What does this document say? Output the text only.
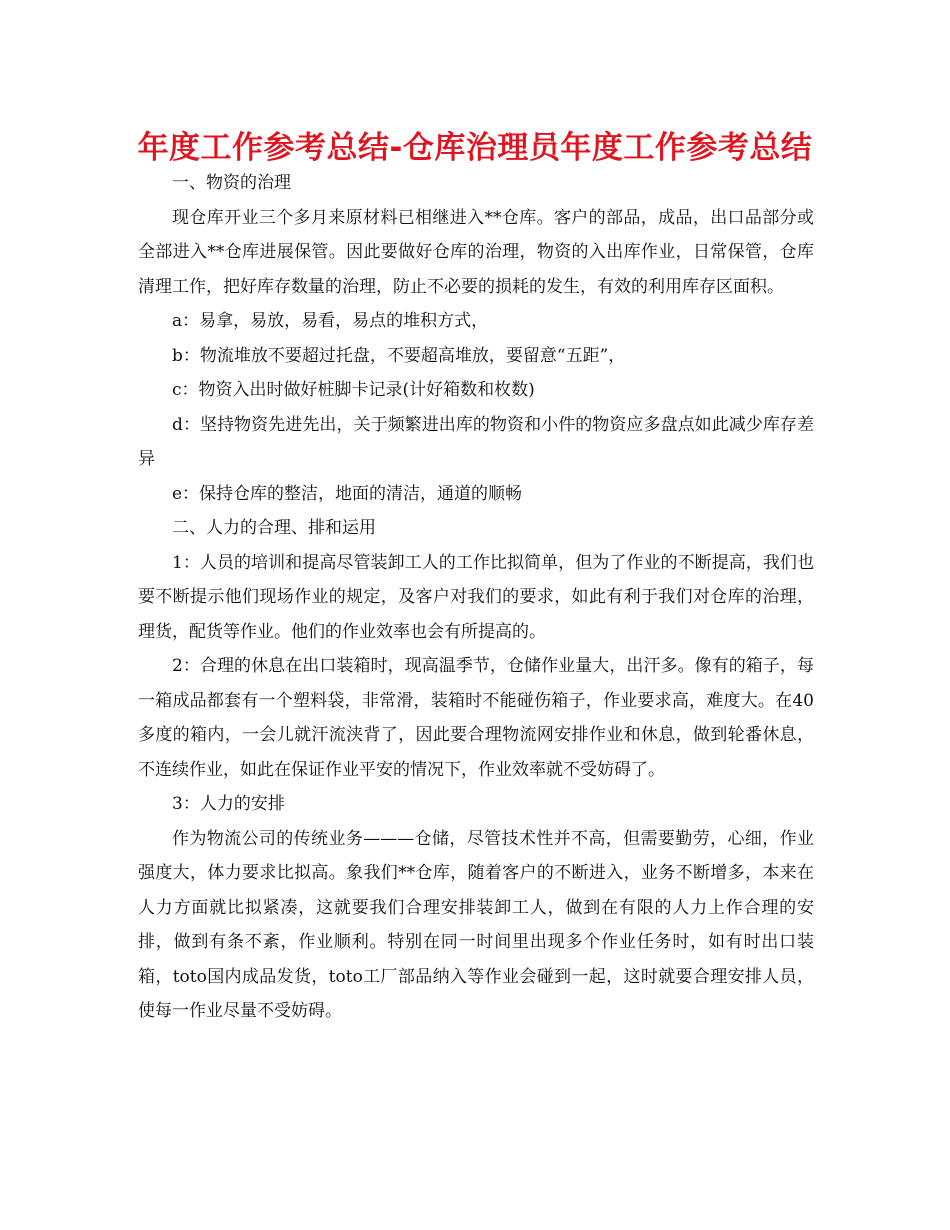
年度工作参考总结-仓库治理员年度工作参考总结

一、物资的治理

现仓库开业三个多月来原材料已相继进入**仓库。客户的部品，成品，出口品部分或全部进入**仓库进展保管。因此要做好仓库的治理，物资的入出库作业，日常保管，仓库清理工作，把好库存数量的治理，防止不必要的损耗的发生，有效的利用库存区面积。

a：易拿，易放，易看，易点的堆积方式，

b：物流堆放不要超过托盘，不要超高堆放，要留意“五距”，

c：物资入出时做好桩脚卡记录(计好箱数和枚数)

d：坚持物资先进先出，关于频繁进出库的物资和小件的物资应多盘点如此减少库存差异

e：保持仓库的整洁，地面的清洁，通道的顺畅

二、人力的合理、排和运用

1：人员的培训和提高尽管装卸工人的工作比拟简单，但为了作业的不断提高，我们也要不断提示他们现场作业的规定，及客户对我们的要求，如此有利于我们对仓库的治理，理货，配货等作业。他们的作业效率也会有所提高的。

2：合理的休息在出口装箱时，现高温季节，仓储作业量大，出汗多。像有的箱子，每一箱成品都套有一个塑料袋，非常滑，装箱时不能碰伤箱子，作业要求高，难度大。在40多度的箱内，一会儿就汗流浃背了，因此要合理物流网安排作业和休息，做到轮番休息，不连续作业，如此在保证作业平安的情况下，作业效率就不受妨碍了。

3：人力的安排

作为物流公司的传统业务———仓储，尽管技术性并不高，但需要勤劳，心细，作业强度大，体力要求比拟高。象我们**仓库，随着客户的不断进入，业务不断增多，本来在人力方面就比拟紧凑，这就要我们合理安排装卸工人，做到在有限的人力上作合理的安排，做到有条不紊，作业顺利。特别在同一时间里出现多个作业任务时，如有时出口装箱，toto国内成品发货，toto工厂部品纳入等作业会碰到一起，这时就要合理安排人员，使每一作业尽量不受妨碍。
